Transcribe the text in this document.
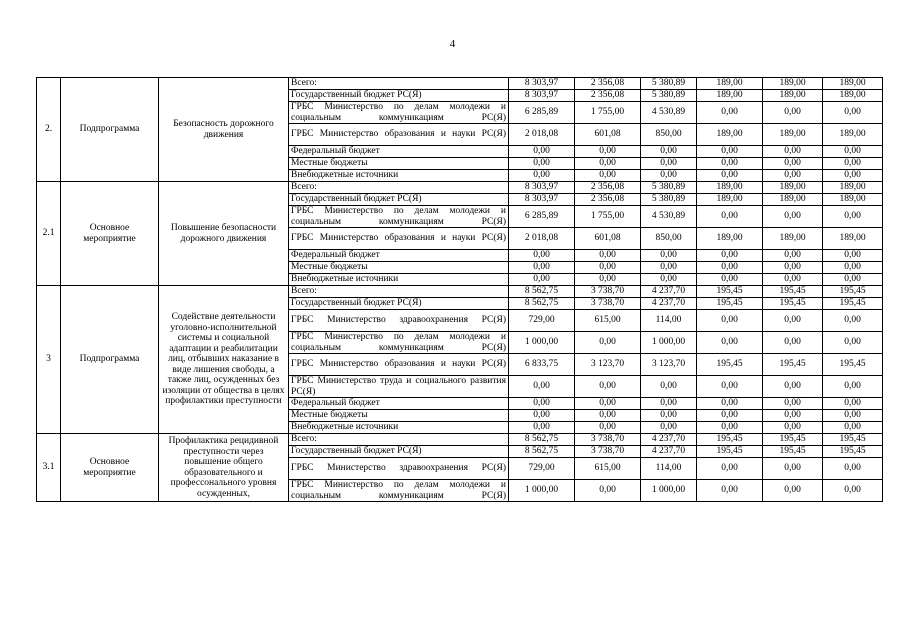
4
2.	Подпрограмма	Безопасность дорожного движения	Всего:	8 303,97	2 356,08	5 380,89	189,00	189,00	189,00
			Государственный бюджет РС(Я)	8 303,97	2 356,08	5 380,89	189,00	189,00	189,00
			ГРБС Министерство по делам молодежи и социальным коммуникациям РС(Я)	6 285,89	1 755,00	4 530,89	0,00	0,00	0,00
			ГРБС Министерство образования и науки РС(Я)	2 018,08	601,08	850,00	189,00	189,00	189,00
			Федеральный бюджет	0,00	0,00	0,00	0,00	0,00	0,00
			Местные бюджеты	0,00	0,00	0,00	0,00	0,00	0,00
			Внебюджетные источники	0,00	0,00	0,00	0,00	0,00	0,00
2.1	Основное мероприятие	Повышение безопасности дорожного движения	Всего:	8 303,97	2 356,08	5 380,89	189,00	189,00	189,00
			Государственный бюджет РС(Я)	8 303,97	2 356,08	5 380,89	189,00	189,00	189,00
			ГРБС Министерство по делам молодежи и социальным коммуникациям РС(Я)	6 285,89	1 755,00	4 530,89	0,00	0,00	0,00
			ГРБС Министерство образования и науки РС(Я)	2 018,08	601,08	850,00	189,00	189,00	189,00
			Федеральный бюджет	0,00	0,00	0,00	0,00	0,00	0,00
			Местные бюджеты	0,00	0,00	0,00	0,00	0,00	0,00
			Внебюджетные источники	0,00	0,00	0,00	0,00	0,00	0,00
3	Подпрограмма	Содействие деятельности уголовно-исполнительной системы и социальной адаптации и реабилитации лиц, отбывших наказание в виде лишения свободы, а также лиц, осужденных без изоляции от общества в целях профилактики преступности	Всего:	8 562,75	3 738,70	4 237,70	195,45	195,45	195,45
			Государственный бюджет РС(Я)	8 562,75	3 738,70	4 237,70	195,45	195,45	195,45
			ГРБС Министерство здравоохранения РС(Я)	729,00	615,00	114,00	0,00	0,00	0,00
			ГРБС Министерство по делам молодежи и социальным коммуникациям РС(Я)	1 000,00	0,00	1 000,00	0,00	0,00	0,00
			ГРБС Министерство образования и науки РС(Я)	6 833,75	3 123,70	3 123,70	195,45	195,45	195,45
			ГРБС Министерство труда и социального развития РС(Я)	0,00	0,00	0,00	0,00	0,00	0,00
			Федеральный бюджет	0,00	0,00	0,00	0,00	0,00	0,00
			Местные бюджеты	0,00	0,00	0,00	0,00	0,00	0,00
			Внебюджетные источники	0,00	0,00	0,00	0,00	0,00	0,00
3.1	Основное мероприятие	Профилактика рецидивной преступности через повышение общего образовательного и профессонального уровня осужденных,	Всего:	8 562,75	3 738,70	4 237,70	195,45	195,45	195,45
			Государственный бюджет РС(Я)	8 562,75	3 738,70	4 237,70	195,45	195,45	195,45
			ГРБС Министерство здравоохранения РС(Я)	729,00	615,00	114,00	0,00	0,00	0,00
			ГРБС Министерство по делам молодежи и социальным коммуникациям РС(Я)	1 000,00	0,00	1 000,00	0,00	0,00	0,00
